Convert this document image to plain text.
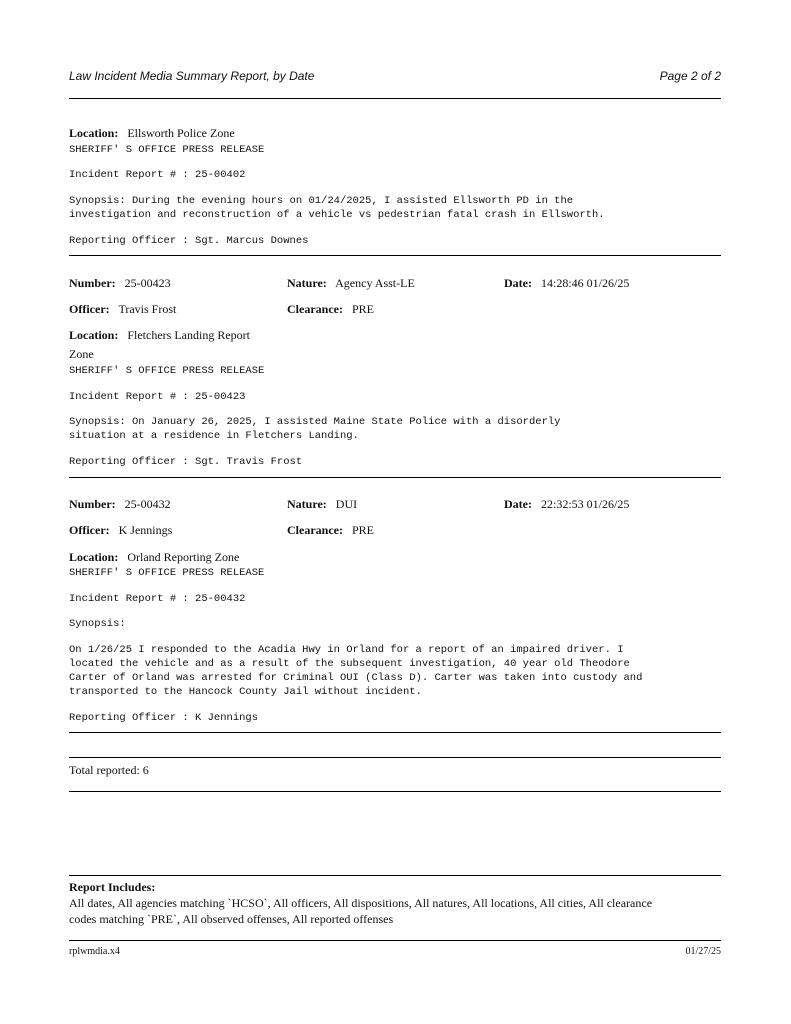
Law Incident Media Summary Report, by Date	Page 2 of 2
Location: Ellsworth Police Zone
SHERIFF' S OFFICE PRESS RELEASE
Incident Report # : 25-00402
Synopsis: During the evening hours on 01/24/2025, I assisted Ellsworth PD in the
investigation and reconstruction of a vehicle vs pedestrian fatal crash in Ellsworth.
Reporting Officer : Sgt. Marcus Downes
Number: 25-00423	Nature: Agency Asst-LE	Date: 14:28:46 01/26/25
Officer: Travis Frost	Clearance: PRE
Location: Fletchers Landing Report
Zone
SHERIFF' S OFFICE PRESS RELEASE
Incident Report # : 25-00423
Synopsis: On January 26, 2025, I assisted Maine State Police with a disorderly
situation at a residence in Fletchers Landing.
Reporting Officer : Sgt. Travis Frost
Number: 25-00432	Nature: DUI	Date: 22:32:53 01/26/25
Officer: K Jennings	Clearance: PRE
Location: Orland Reporting Zone
SHERIFF' S OFFICE PRESS RELEASE
Incident Report # : 25-00432
Synopsis:
On 1/26/25 I responded to the Acadia Hwy in Orland for a report of an impaired driver. I
located the vehicle and as a result of the subsequent investigation, 40 year old Theodore
Carter of Orland was arrested for Criminal OUI (Class D). Carter was taken into custody and
transported to the Hancock County Jail without incident.
Reporting Officer : K Jennings
Total reported: 6
Report Includes:
All dates, All agencies matching `HCSO`, All officers, All dispositions, All natures, All locations, All cities, All clearance
codes matching `PRE`, All observed offenses, All reported offenses
rplwmdia.x4	01/27/25
